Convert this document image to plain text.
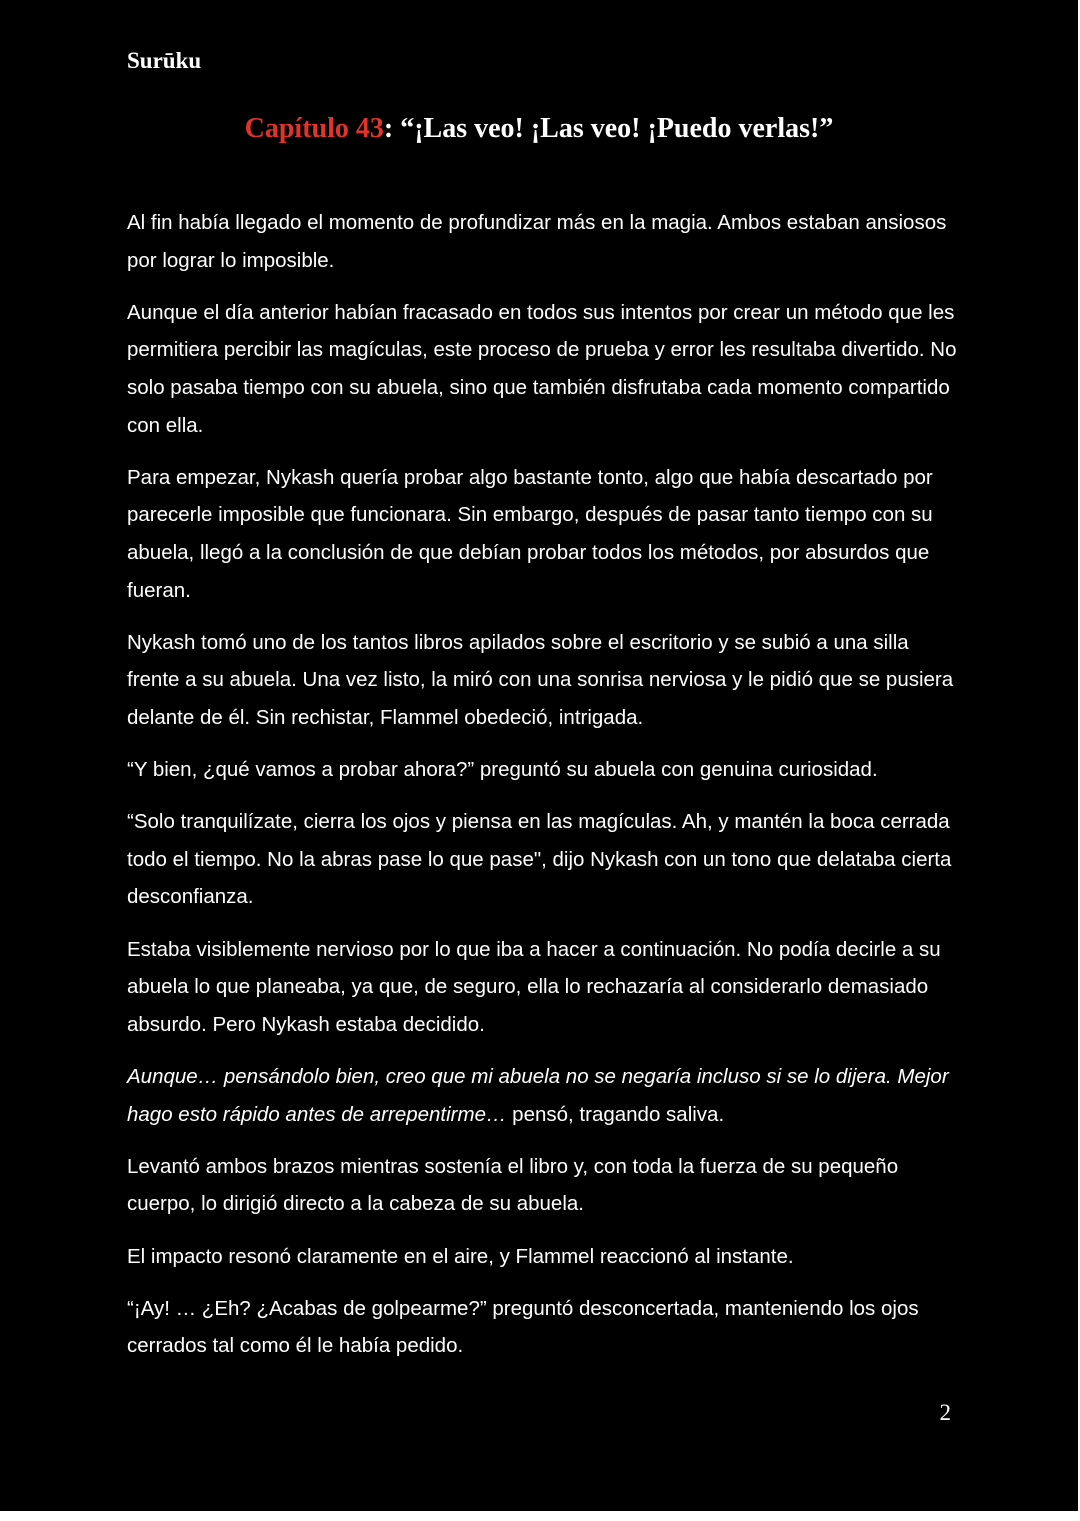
Surūku
Capítulo 43: “¡Las veo! ¡Las veo! ¡Puedo verlas!”

Al fin había llegado el momento de profundizar más en la magia. Ambos estaban ansiosos por lograr lo imposible.

Aunque el día anterior habían fracasado en todos sus intentos por crear un método que les permitiera percibir las magículas, este proceso de prueba y error les resultaba divertido. No solo pasaba tiempo con su abuela, sino que también disfrutaba cada momento compartido con ella.

Para empezar, Nykash quería probar algo bastante tonto, algo que había descartado por parecerle imposible que funcionara. Sin embargo, después de pasar tanto tiempo con su abuela, llegó a la conclusión de que debían probar todos los métodos, por absurdos que fueran.

Nykash tomó uno de los tantos libros apilados sobre el escritorio y se subió a una silla frente a su abuela. Una vez listo, la miró con una sonrisa nerviosa y le pidió que se pusiera delante de él. Sin rechistar, Flammel obedeció, intrigada.

“Y bien, ¿qué vamos a probar ahora?” preguntó su abuela con genuina curiosidad.

“Solo tranquilízate, cierra los ojos y piensa en las magículas. Ah, y mantén la boca cerrada todo el tiempo. No la abras pase lo que pase", dijo Nykash con un tono que delataba cierta desconfianza.

Estaba visiblemente nervioso por lo que iba a hacer a continuación. No podía decirle a su abuela lo que planeaba, ya que, de seguro, ella lo rechazaría al considerarlo demasiado absurdo. Pero Nykash estaba decidido.

Aunque… pensándolo bien, creo que mi abuela no se negaría incluso si se lo dijera. Mejor hago esto rápido antes de arrepentirme… pensó, tragando saliva.

Levantó ambos brazos mientras sostenía el libro y, con toda la fuerza de su pequeño cuerpo, lo dirigió directo a la cabeza de su abuela.

El impacto resonó claramente en el aire, y Flammel reaccionó al instante.

“¡Ay! … ¿Eh? ¿Acabas de golpearme?” preguntó desconcertada, manteniendo los ojos cerrados tal como él le había pedido.

2
